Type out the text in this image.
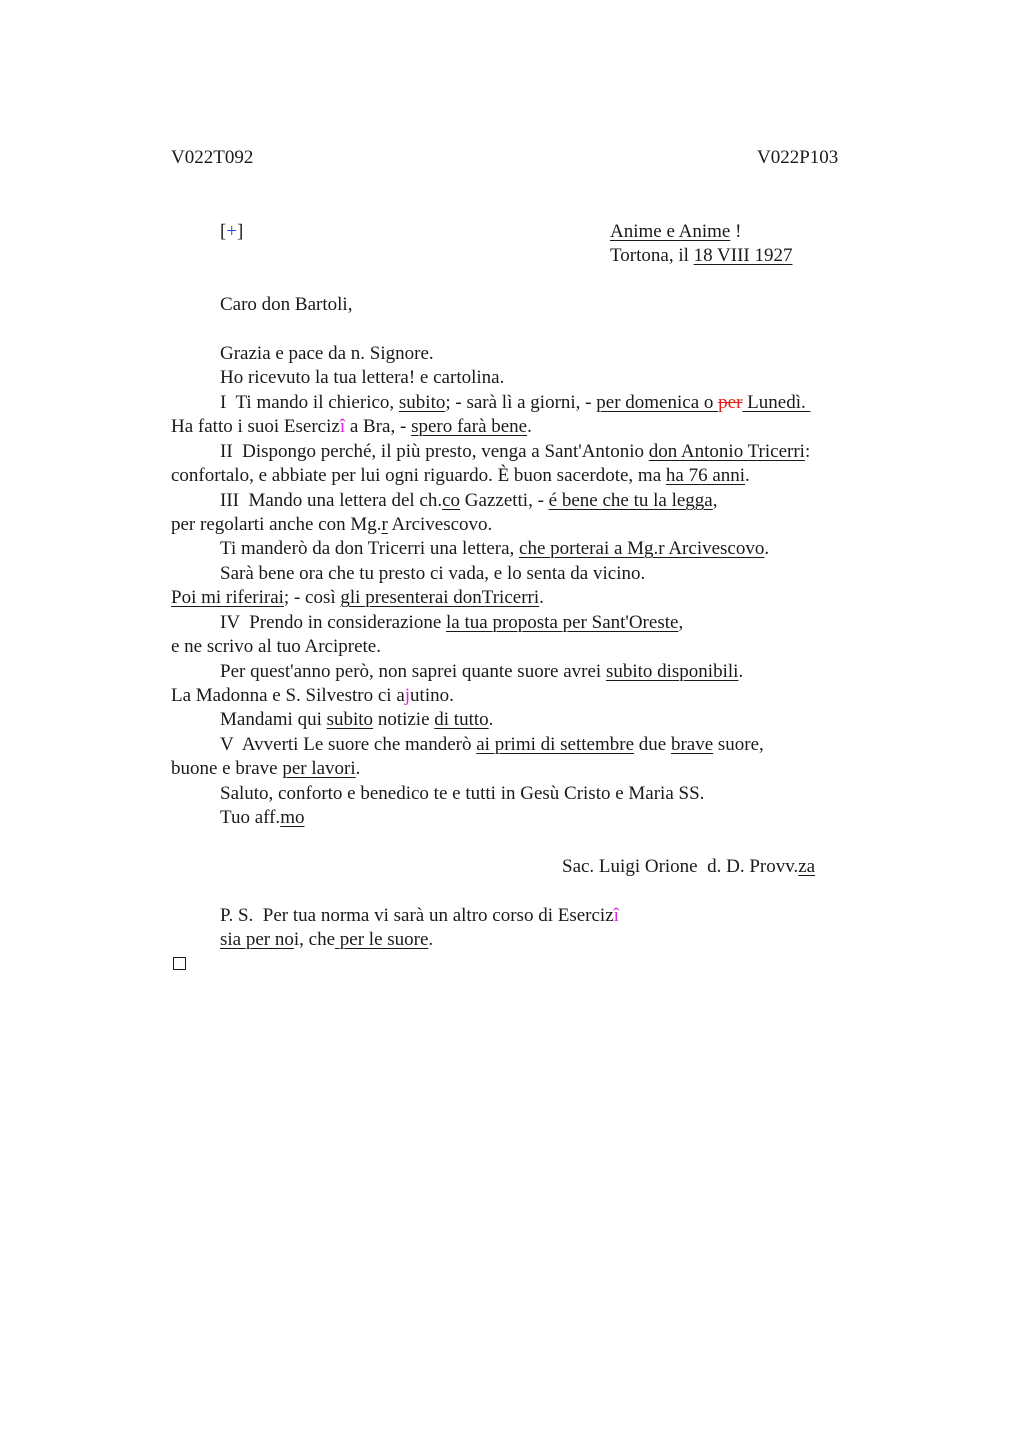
V022T092	V022P103
[+]	Anime e Anime !
Tortona, il 18 VIII 1927
Caro don Bartoli,
Grazia e pace da n. Signore.
Ho ricevuto la tua lettera! e cartolina.
I  Ti mando il chierico, subito; - sarà lì a giorni, - per domenica o per Lunedì.
Ha fatto i suoi Esercizî a Bra, - spero farà bene.
II  Dispongo perché, il più presto, venga a Sant'Antonio don Antonio Tricerri:
confortalo, e abbiate per lui ogni riguardo. È buon sacerdote, ma ha 76 anni.
III  Mando una lettera del ch.co Gazzetti, - é bene che tu la legga,
per regolarti anche con Mg.r Arcivescovo.
Ti manderò da don Tricerri una lettera, che porterai a Mg.r Arcivescovo.
Sarà bene ora che tu presto ci vada, e lo senta da vicino.
Poi mi riferirai; - così gli presenterai donTricerri.
IV  Prendo in considerazione la tua proposta per Sant'Oreste,
e ne scrivo al tuo Arciprete.
Per quest'anno però, non saprei quante suore avrei subito disponibili.
La Madonna e S. Silvestro ci ajutino.
Mandami qui subito notizie di tutto.
V  Avverti Le suore che manderò ai primi di settembre due brave suore,
buone e brave per lavori.
Saluto, conforto e benedico te e tutti in Gesù Cristo e Maria SS.
Tuo aff.mo
Sac. Luigi Orione  d. D. Provv.za
P. S.  Per tua norma vi sarà un altro corso di Esercizî
sia per noi, che per le suore.
